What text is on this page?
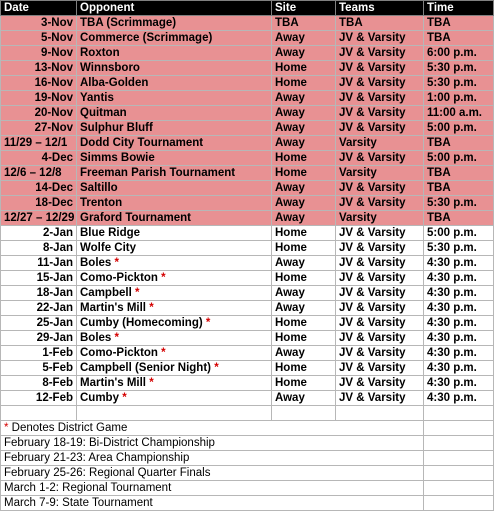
Date	Opponent	Site	Teams	Time
3-Nov	TBA (Scrimmage)	TBA	TBA	TBA
5-Nov	Commerce (Scrimmage)	Away	JV & Varsity	TBA
9-Nov	Roxton	Away	JV & Varsity	6:00 p.m.
13-Nov	Winnsboro	Home	JV & Varsity	5:30 p.m.
16-Nov	Alba-Golden	Home	JV & Varsity	5:30 p.m.
19-Nov	Yantis	Away	JV & Varsity	1:00 p.m.
20-Nov	Quitman	Away	JV & Varsity	11:00 a.m.
27-Nov	Sulphur Bluff	Away	JV & Varsity	5:00 p.m.
11/29 – 12/1	Dodd City Tournament	Away	Varsity	TBA
4-Dec	Simms Bowie	Home	JV & Varsity	5:00 p.m.
12/6 – 12/8	Freeman Parish Tournament	Home	Varsity	TBA
14-Dec	Saltillo	Away	JV & Varsity	TBA
18-Dec	Trenton	Away	JV & Varsity	5:30 p.m.
12/27 – 12/29	Graford Tournament	Away	Varsity	TBA
2-Jan	Blue Ridge	Home	JV & Varsity	5:00 p.m.
8-Jan	Wolfe City	Home	JV & Varsity	5:30 p.m.
11-Jan	Boles *	Away	JV & Varsity	4:30 p.m.
15-Jan	Como-Pickton *	Home	JV & Varsity	4:30 p.m.
18-Jan	Campbell *	Away	JV & Varsity	4:30 p.m.
22-Jan	Martin's Mill *	Away	JV & Varsity	4:30 p.m.
25-Jan	Cumby (Homecoming) *	Home	JV & Varsity	4:30 p.m.
29-Jan	Boles *	Home	JV & Varsity	4:30 p.m.
1-Feb	Como-Pickton *	Away	JV & Varsity	4:30 p.m.
5-Feb	Campbell (Senior Night) *	Home	JV & Varsity	4:30 p.m.
8-Feb	Martin's Mill *	Home	JV & Varsity	4:30 p.m.
12-Feb	Cumby *	Away	JV & Varsity	4:30 p.m.

* Denotes District Game				
February 18-19: Bi-District Championship				
February 21-23: Area Championship				
February 25-26: Regional Quarter Finals				
March 1-2: Regional Tournament				
March 7-9: State Tournament				
